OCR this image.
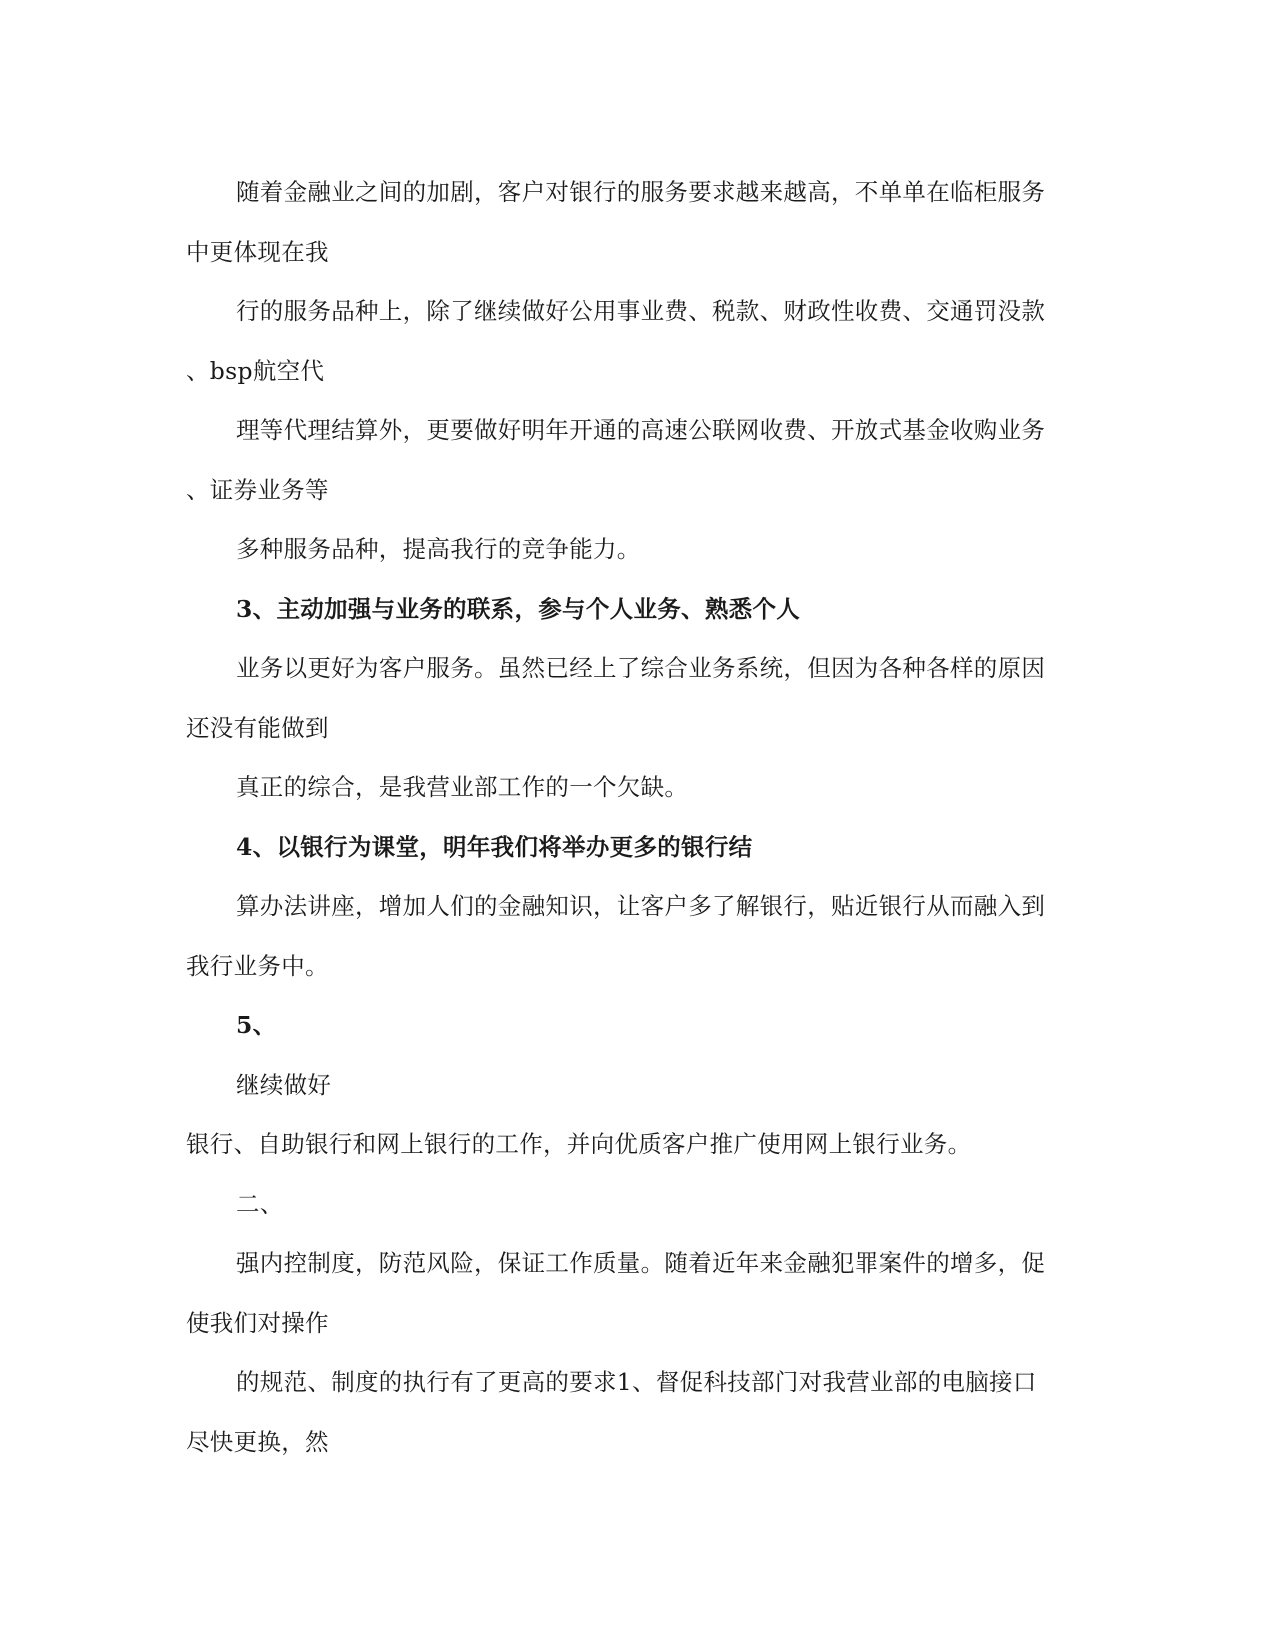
随着金融业之间的加剧，客户对银行的服务要求越来越高，不单单在临柜服务
中更体现在我
行的服务品种上，除了继续做好公用事业费、税款、财政性收费、交通罚没款
、bsp航空代
理等代理结算外，更要做好明年开通的高速公联网收费、开放式基金收购业务
、证券业务等
多种服务品种，提高我行的竞争能力。
3、主动加强与业务的联系，参与个人业务、熟悉个人
业务以更好为客户服务。虽然已经上了综合业务系统，但因为各种各样的原因
还没有能做到
真正的综合，是我营业部工作的一个欠缺。
4、以银行为课堂，明年我们将举办更多的银行结
算办法讲座，增加人们的金融知识，让客户多了解银行，贴近银行从而融入到
我行业务中。
5、
继续做好
银行、自助银行和网上银行的工作，并向优质客户推广使用网上银行业务。
二、
强内控制度，防范风险，保证工作质量。随着近年来金融犯罪案件的增多，促
使我们对操作
的规范、制度的执行有了更高的要求1、督促科技部门对我营业部的电脑接口
尽快更换，然
